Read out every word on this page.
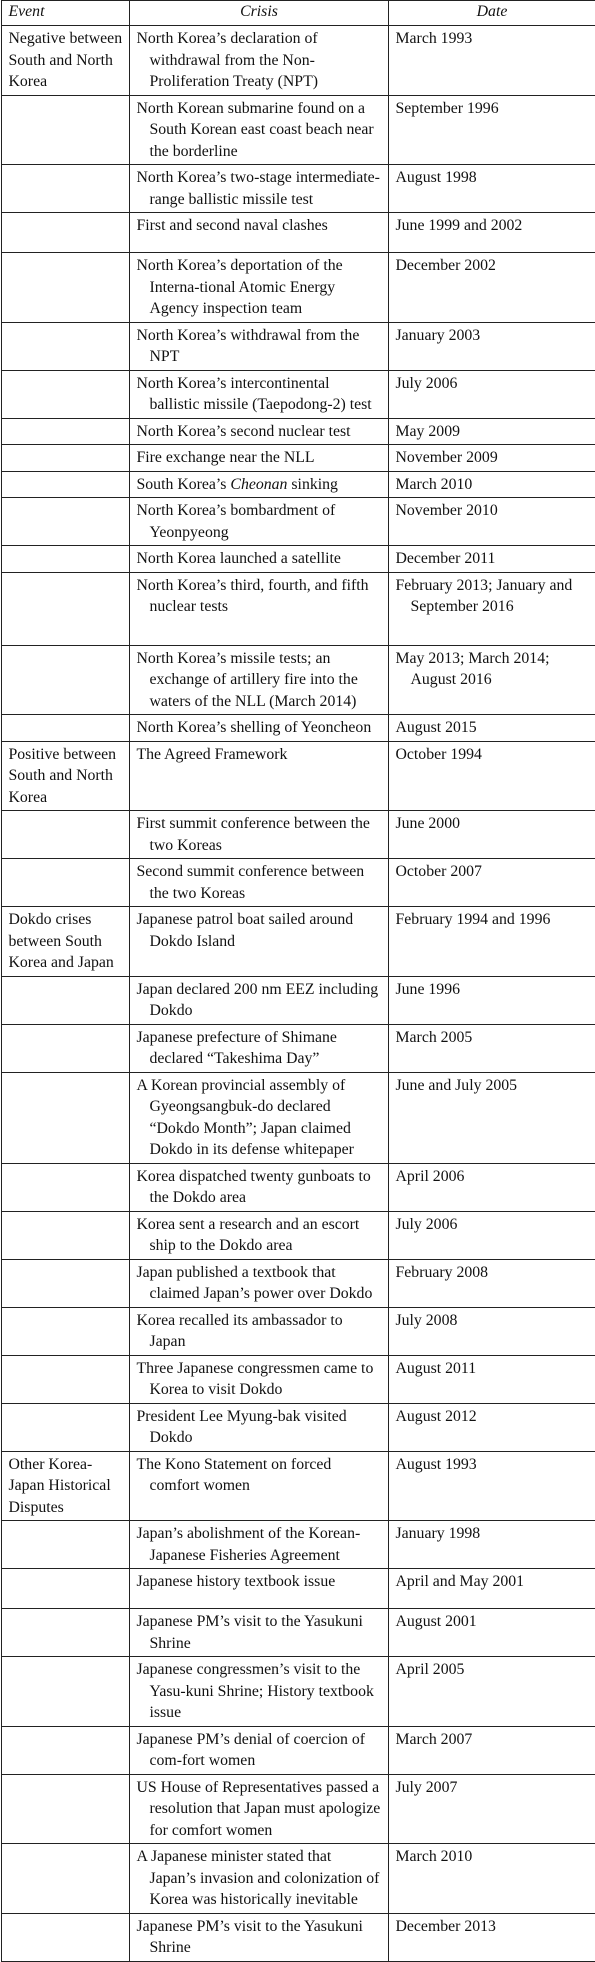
Event	Crisis	Date

Negative between South and North Korea	North Korea’s declaration of withdrawal from the Non-Proliferation Treaty (NPT)	March 1993

	North Korean submarine found on a South Korean east coast beach near the borderline	September 1996

	North Korea’s two-stage intermediate-range ballistic missile test	August 1998

	First and second naval clashes	June 1999 and 2002

	North Korea’s deportation of the Interna-tional Atomic Energy Agency inspection team	December 2002

	North Korea’s withdrawal from the NPT	January 2003

	North Korea’s intercontinental ballistic missile (Taepodong-2) test	July 2006

	North Korea’s second nuclear test	May 2009

	Fire exchange near the NLL	November 2009

	South Korea’s Cheonan sinking	March 2010

	North Korea’s bombardment of Yeonpyeong	November 2010

	North Korea launched a satellite	December 2011

	North Korea’s third, fourth, and fifth nuclear tests	February 2013; January and September 2016

	North Korea’s missile tests; an exchange of artillery fire into the waters of the NLL (March 2014)	May 2013; March 2014; August 2016

	North Korea’s shelling of Yeoncheon	August 2015

Positive between South and North Korea	The Agreed Framework	October 1994

	First summit conference between the two Koreas	June 2000

	Second summit conference between the two Koreas	October 2007

Dokdo crises between South Korea and Japan	Japanese patrol boat sailed around Dokdo Island	February 1994 and 1996

	Japan declared 200 nm EEZ including Dokdo	June 1996

	Japanese prefecture of Shimane declared “Takeshima Day”	March 2005

	A Korean provincial assembly of Gyeongsangbuk-do declared “Dokdo Month”; Japan claimed Dokdo in its defense whitepaper	June and July 2005

	Korea dispatched twenty gunboats to the Dokdo area	April 2006

	Korea sent a research and an escort ship to the Dokdo area	July 2006

	Japan published a textbook that claimed Japan’s power over Dokdo	February 2008

	Korea recalled its ambassador to Japan	July 2008

	Three Japanese congressmen came to Korea to visit Dokdo	August 2011

	President Lee Myung-bak visited Dokdo	August 2012

Other Korea-Japan Historical Disputes	The Kono Statement on forced comfort women	August 1993

	Japan’s abolishment of the Korean-Japanese Fisheries Agreement	January 1998

	Japanese history textbook issue	April and May 2001

	Japanese PM’s visit to the Yasukuni Shrine	August 2001

	Japanese congressmen’s visit to the Yasu-kuni Shrine; History textbook issue	April 2005

	Japanese PM’s denial of coercion of com-fort women	March 2007

	US House of Representatives passed a resolution that Japan must apologize for comfort women	July 2007

	A Japanese minister stated that Japan’s invasion and colonization of Korea was historically inevitable	March 2010

	Japanese PM’s visit to the Yasukuni Shrine	December 2013
